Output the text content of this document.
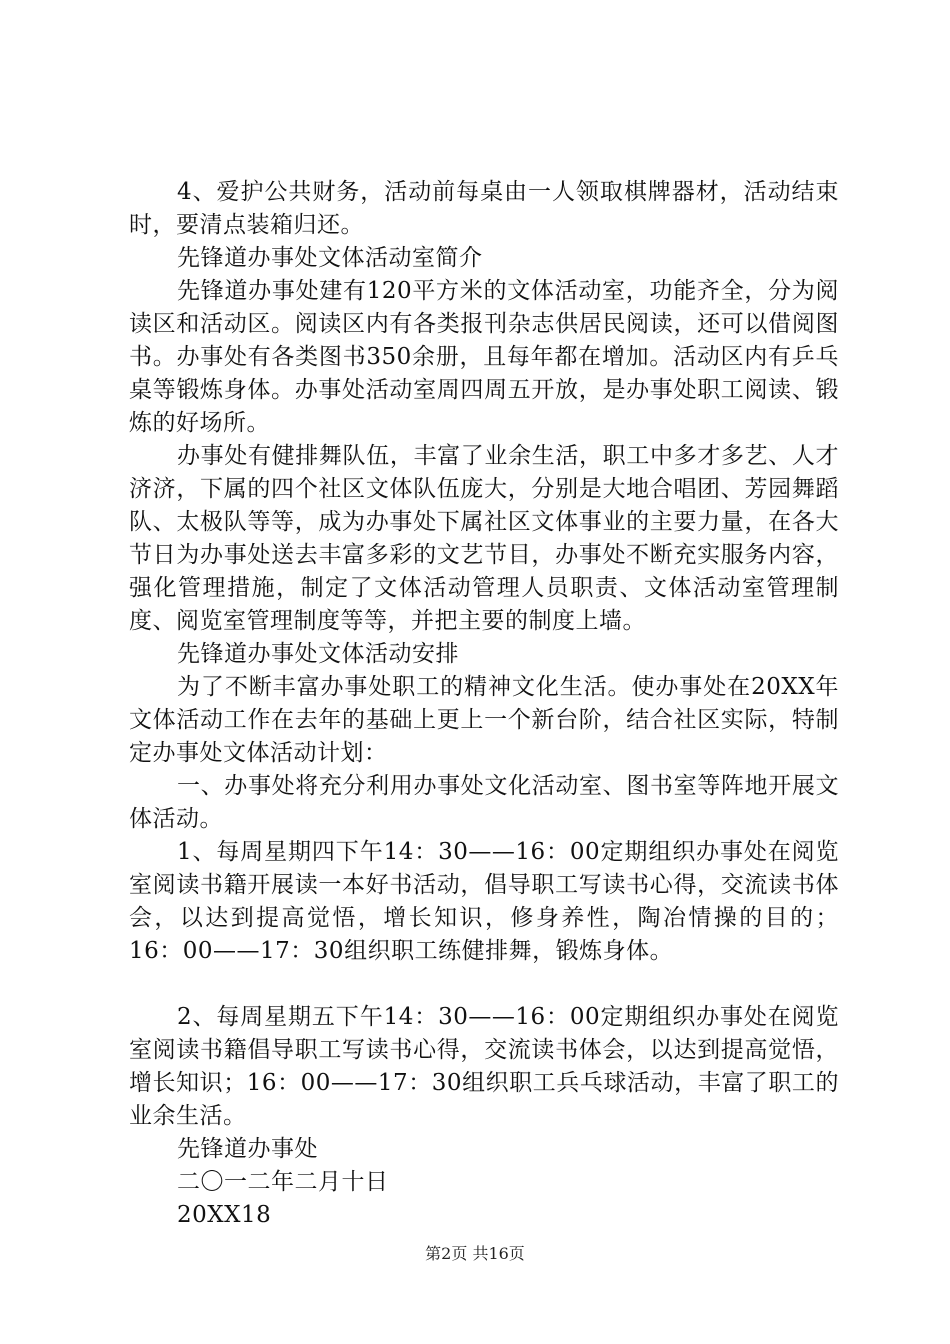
4、爱护公共财务，活动前每桌由一人领取棋牌器材，活动结束时，要清点装箱归还。

先锋道办事处文体活动室简介

先锋道办事处建有120平方米的文体活动室，功能齐全，分为阅读区和活动区。阅读区内有各类报刊杂志供居民阅读，还可以借阅图书。办事处有各类图书350余册，且每年都在增加。活动区内有乒乓桌等锻炼身体。办事处活动室周四周五开放，是办事处职工阅读、锻炼的好场所。

办事处有健排舞队伍，丰富了业余生活，职工中多才多艺、人才济济，下属的四个社区文体队伍庞大，分别是大地合唱团、芳园舞蹈队、太极队等等，成为办事处下属社区文体事业的主要力量，在各大节日为办事处送去丰富多彩的文艺节目，办事处不断充实服务内容，强化管理措施，制定了文体活动管理人员职责、文体活动室管理制度、阅览室管理制度等等，并把主要的制度上墙。

先锋道办事处文体活动安排

为了不断丰富办事处职工的精神文化生活。使办事处在20XX年文体活动工作在去年的基础上更上一个新台阶，结合社区实际，特制定办事处文体活动计划：

一、办事处将充分利用办事处文化活动室、图书室等阵地开展文体活动。

1、每周星期四下午14：30——16：00定期组织办事处在阅览室阅读书籍开展读一本好书活动，倡导职工写读书心得，交流读书体会，以达到提高觉悟，增长知识，修身养性，陶冶情操的目的；16：00——17：30组织职工练健排舞，锻炼身体。

2、每周星期五下午14：30——16：00定期组织办事处在阅览室阅读书籍倡导职工写读书心得，交流读书体会，以达到提高觉悟，增长知识；16：00——17：30组织职工兵乓球活动，丰富了职工的业余生活。

先锋道办事处

二〇一二年二月十日

20XX18

第2页 共16页
